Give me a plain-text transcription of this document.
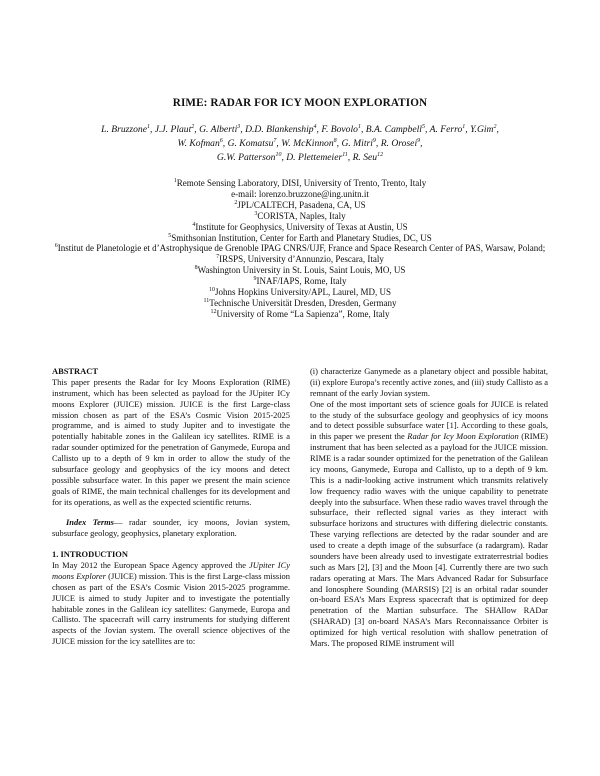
RIME: RADAR FOR ICY MOON EXPLORATION
L. Bruzzone$^1$, J.J. Plaut$^2$, G. Alberti$^3$, D.D. Blankenship$^4$, F. Bovolo$^1$, B.A. Campbell$^5$, A. Ferro$^1$, Y.Gim$^2$,
W. Kofman$^6$, G. Komatsu$^7$, W. McKinnon$^8$, G. Mitri$^9$, R. Orosei$^9$,
G.W. Patterson$^{10}$, D. Plettemeier$^{11}$, R. Seu$^{12}$
$^1$Remote Sensing Laboratory, DISI, University of Trento, Trento, Italy
e-mail: lorenzo.bruzzone@ing.unitn.it
$^2$JPL/CALTECH, Pasadena, CA, US
$^3$CORISTA, Naples, Italy
$^4$Institute for Geophysics, University of Texas at Austin, US
$^5$Smithsonian Institution, Center for Earth and Planetary Studies, DC, US
$^6$Institut de Planetologie et d’Astrophysique de Grenoble IPAG CNRS/UJF, France and Space Research Center of PAS, Warsaw, Poland;
$^7$IRSPS, University d’Annunzio, Pescara, Italy
$^8$Washington University in St. Louis, Saint Louis, MO, US
$^9$INAF/IAPS, Rome, Italy
$^{10}$Johns Hopkins University/APL, Laurel, MD, US
$^{11}$Technische Universität Dresden, Dresden, Germany
$^{12}$University of Rome “La Sapienza”, Rome, Italy

ABSTRACT

This paper presents the Radar for Icy Moons Exploration (RIME) instrument, which has been selected as payload for the JUpiter ICy moons Explorer (JUICE) mission. JUICE is the first Large-class mission chosen as part of the ESA’s Cosmic Vision 2015-2025 programme, and is aimed to study Jupiter and to investigate the potentially habitable zones in the Galilean icy satellites. RIME is a radar sounder optimized for the penetration of Ganymede, Europa and Callisto up to a depth of 9 km in order to allow the study of the subsurface geology and geophysics of the icy moons and detect possible subsurface water. In this paper we present the main science goals of RIME, the main technical challenges for its development and for its operations, as well as the expected scientific returns.

Index Terms— radar sounder, icy moons, Jovian system, subsurface geology, geophysics, planetary exploration.

1. INTRODUCTION

In May 2012 the European Space Agency approved the JUpiter ICy moons Explorer (JUICE) mission. This is the first Large-class mission chosen as part of the ESA’s Cosmic Vision 2015-2025 programme. JUICE is aimed to study Jupiter and to investigate the potentially habitable zones in the Galilean icy satellites: Ganymede, Europa and Callisto. The spacecraft will carry instruments for studying different aspects of the Jovian system. The overall science objectives of the JUICE mission for the icy satellites are to:

(i) characterize Ganymede as a planetary object and possible habitat, (ii) explore Europa’s recently active zones, and (iii) study Callisto as a remnant of the early Jovian system.

One of the most important sets of science goals for JUICE is related to the study of the subsurface geology and geophysics of icy moons and to detect possible subsurface water [1]. According to these goals, in this paper we present the Radar for Icy Moon Exploration (RIME) instrument that has been selected as a payload for the JUICE mission. RIME is a radar sounder optimized for the penetration of the Galilean icy moons, Ganymede, Europa and Callisto, up to a depth of 9 km. This is a nadir-looking active instrument which transmits relatively low frequency radio waves with the unique capability to penetrate deeply into the subsurface. When these radio waves travel through the subsurface, their reflected signal varies as they interact with subsurface horizons and structures with differing dielectric constants. These varying reflections are detected by the radar sounder and are used to create a depth image of the subsurface (a radargram). Radar sounders have been already used to investigate extraterrestrial bodies such as Mars [2], [3] and the Moon [4]. Currently there are two such radars operating at Mars. The Mars Advanced Radar for Subsurface and Ionosphere Sounding (MARSIS) [2] is an orbital radar sounder on-board ESA’s Mars Express spacecraft that is optimized for deep penetration of the Martian subsurface. The SHAllow RADar (SHARAD) [3] on-board NASA’s Mars Reconnaissance Orbiter is optimized for high vertical resolution with shallow penetration of Mars. The proposed RIME instrument will
